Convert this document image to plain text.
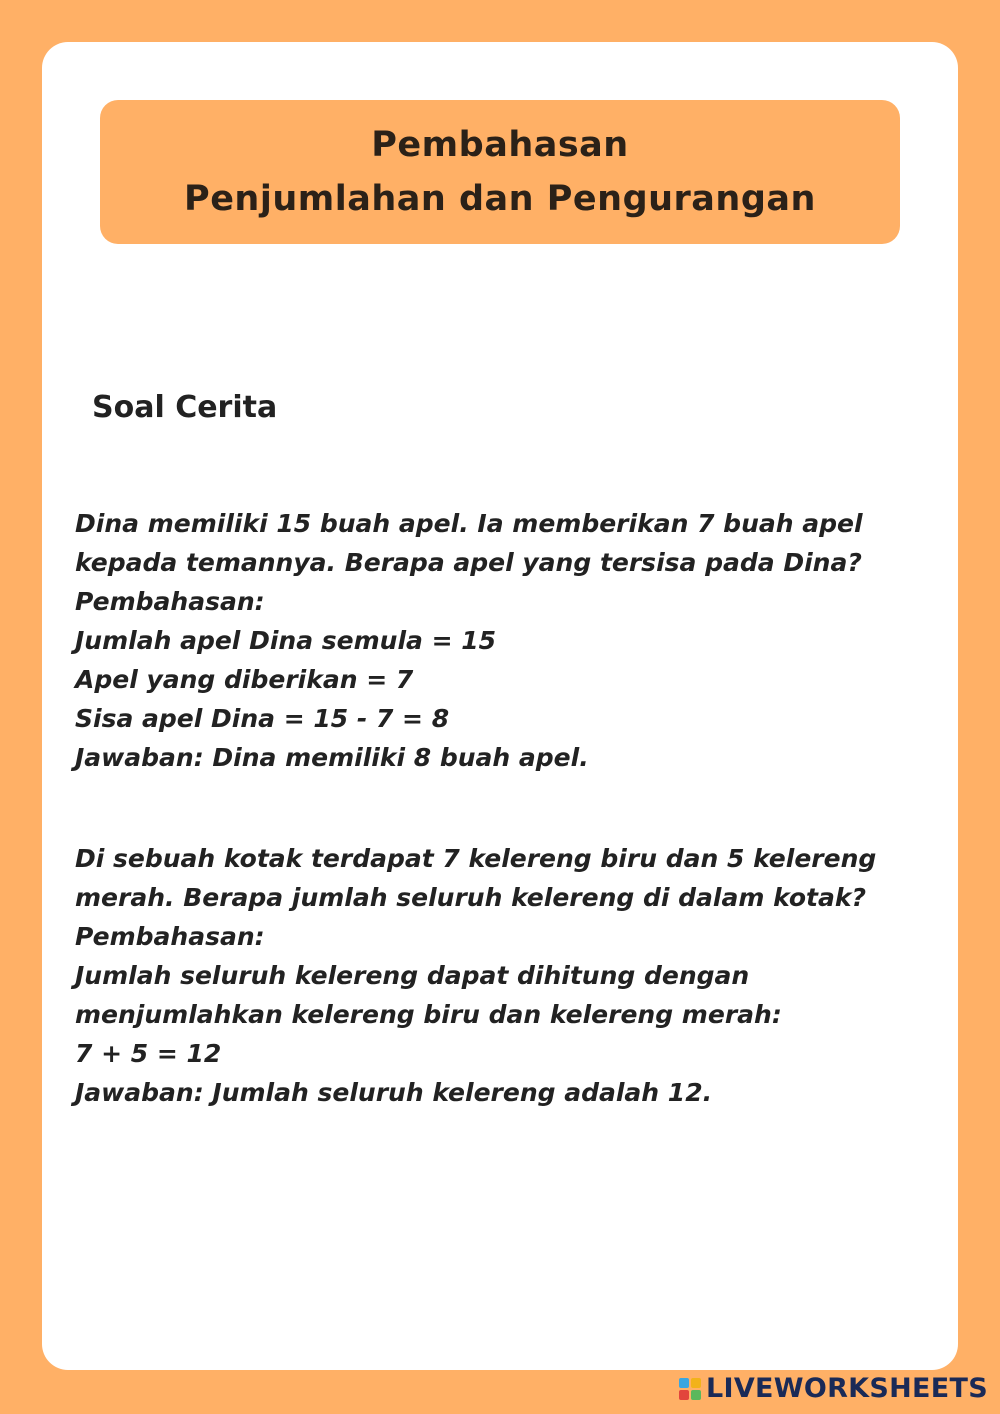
Pembahasan
Penjumlahan dan Pengurangan
Soal Cerita
Dina memiliki 15 buah apel. Ia memberikan 7 buah apel
kepada temannya. Berapa apel yang tersisa pada Dina?
Pembahasan:
Jumlah apel Dina semula = 15
Apel yang diberikan = 7
Sisa apel Dina = 15 - 7 = 8
Jawaban: Dina memiliki 8 buah apel.
Di sebuah kotak terdapat 7 kelereng biru dan 5 kelereng
merah. Berapa jumlah seluruh kelereng di dalam kotak?
Pembahasan:
Jumlah seluruh kelereng dapat dihitung dengan
menjumlahkan kelereng biru dan kelereng merah:
7 + 5 = 12
Jawaban: Jumlah seluruh kelereng adalah 12.
LIVEWORKSHEETS
